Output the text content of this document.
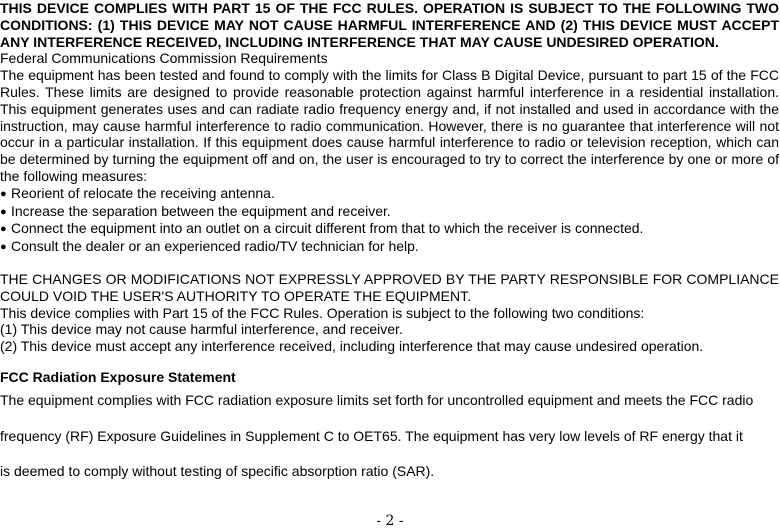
THIS DEVICE COMPLIES WITH PART 15 OF THE FCC RULES. OPERATION IS SUBJECT TO THE FOLLOWING TWO CONDITIONS: (1) THIS DEVICE MAY NOT CAUSE HARMFUL INTERFERENCE AND (2) THIS DEVICE MUST ACCEPT ANY INTERFERENCE RECEIVED, INCLUDING INTERFERENCE THAT MAY CAUSE UNDESIRED OPERATION.

Federal Communications Commission Requirements

The equipment has been tested and found to comply with the limits for Class B Digital Device, pursuant to part 15 of the FCC Rules. These limits are designed to provide reasonable protection against harmful interference in a residential installation. This equipment generates uses and can radiate radio frequency energy and, if not installed and used in accordance with the instruction, may cause harmful interference to radio communication. However, there is no guarantee that interference will not occur in a particular installation. If this equipment does cause harmful interference to radio or television reception, which can be determined by turning the equipment off and on, the user is encouraged to try to correct the interference by one or more of the following measures:

● Reorient of relocate the receiving antenna.

● Increase the separation between the equipment and receiver.

● Connect the equipment into an outlet on a circuit different from that to which the receiver is connected.

● Consult the dealer or an experienced radio/TV technician for help.

THE CHANGES OR MODIFICATIONS NOT EXPRESSLY APPROVED BY THE PARTY RESPONSIBLE FOR COMPLIANCE COULD VOID THE USER'S AUTHORITY TO OPERATE THE EQUIPMENT.

This device complies with Part 15 of the FCC Rules. Operation is subject to the following two conditions:

(1) This device may not cause harmful interference, and receiver.

(2) This device must accept any interference received, including interference that may cause undesired operation.

FCC Radiation Exposure Statement

The equipment complies with FCC radiation exposure limits set forth for uncontrolled equipment and meets the FCC radio

frequency (RF) Exposure Guidelines in Supplement C to OET65. The equipment has very low levels of RF energy that it

is deemed to comply without testing of specific absorption ratio (SAR).

- 2 -
